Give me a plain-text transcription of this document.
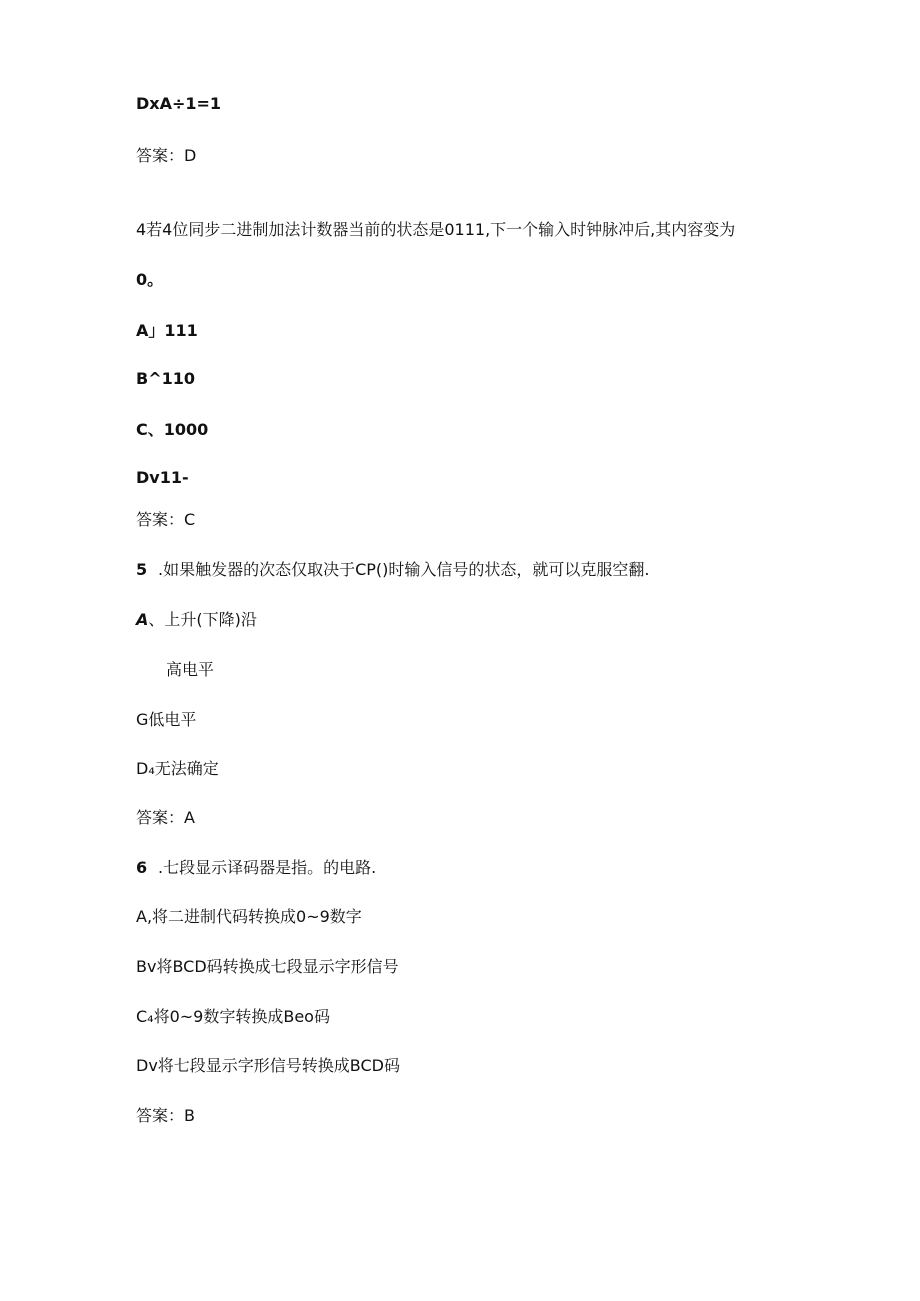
DxA÷1=1
答案：D
4若4位同步二进制加法计数器当前的状态是0111,下一个输入时钟脉冲后,其内容变为
0。
A」111
B^110
C、1000
Dv11-
答案：C
5 .如果触发器的次态仅取决于CP()时输入信号的状态，就可以克服空翻.
A、上升(下降)沿
高电平
G低电平
D₄无法确定
答案：A
6 .七段显示译码器是指。的电路.
A,将二进制代码转换成0~9数字
Bv将BCD码转换成七段显示字形信号
C₄将0~9数字转换成Beo码
Dv将七段显示字形信号转换成BCD码
答案：B
